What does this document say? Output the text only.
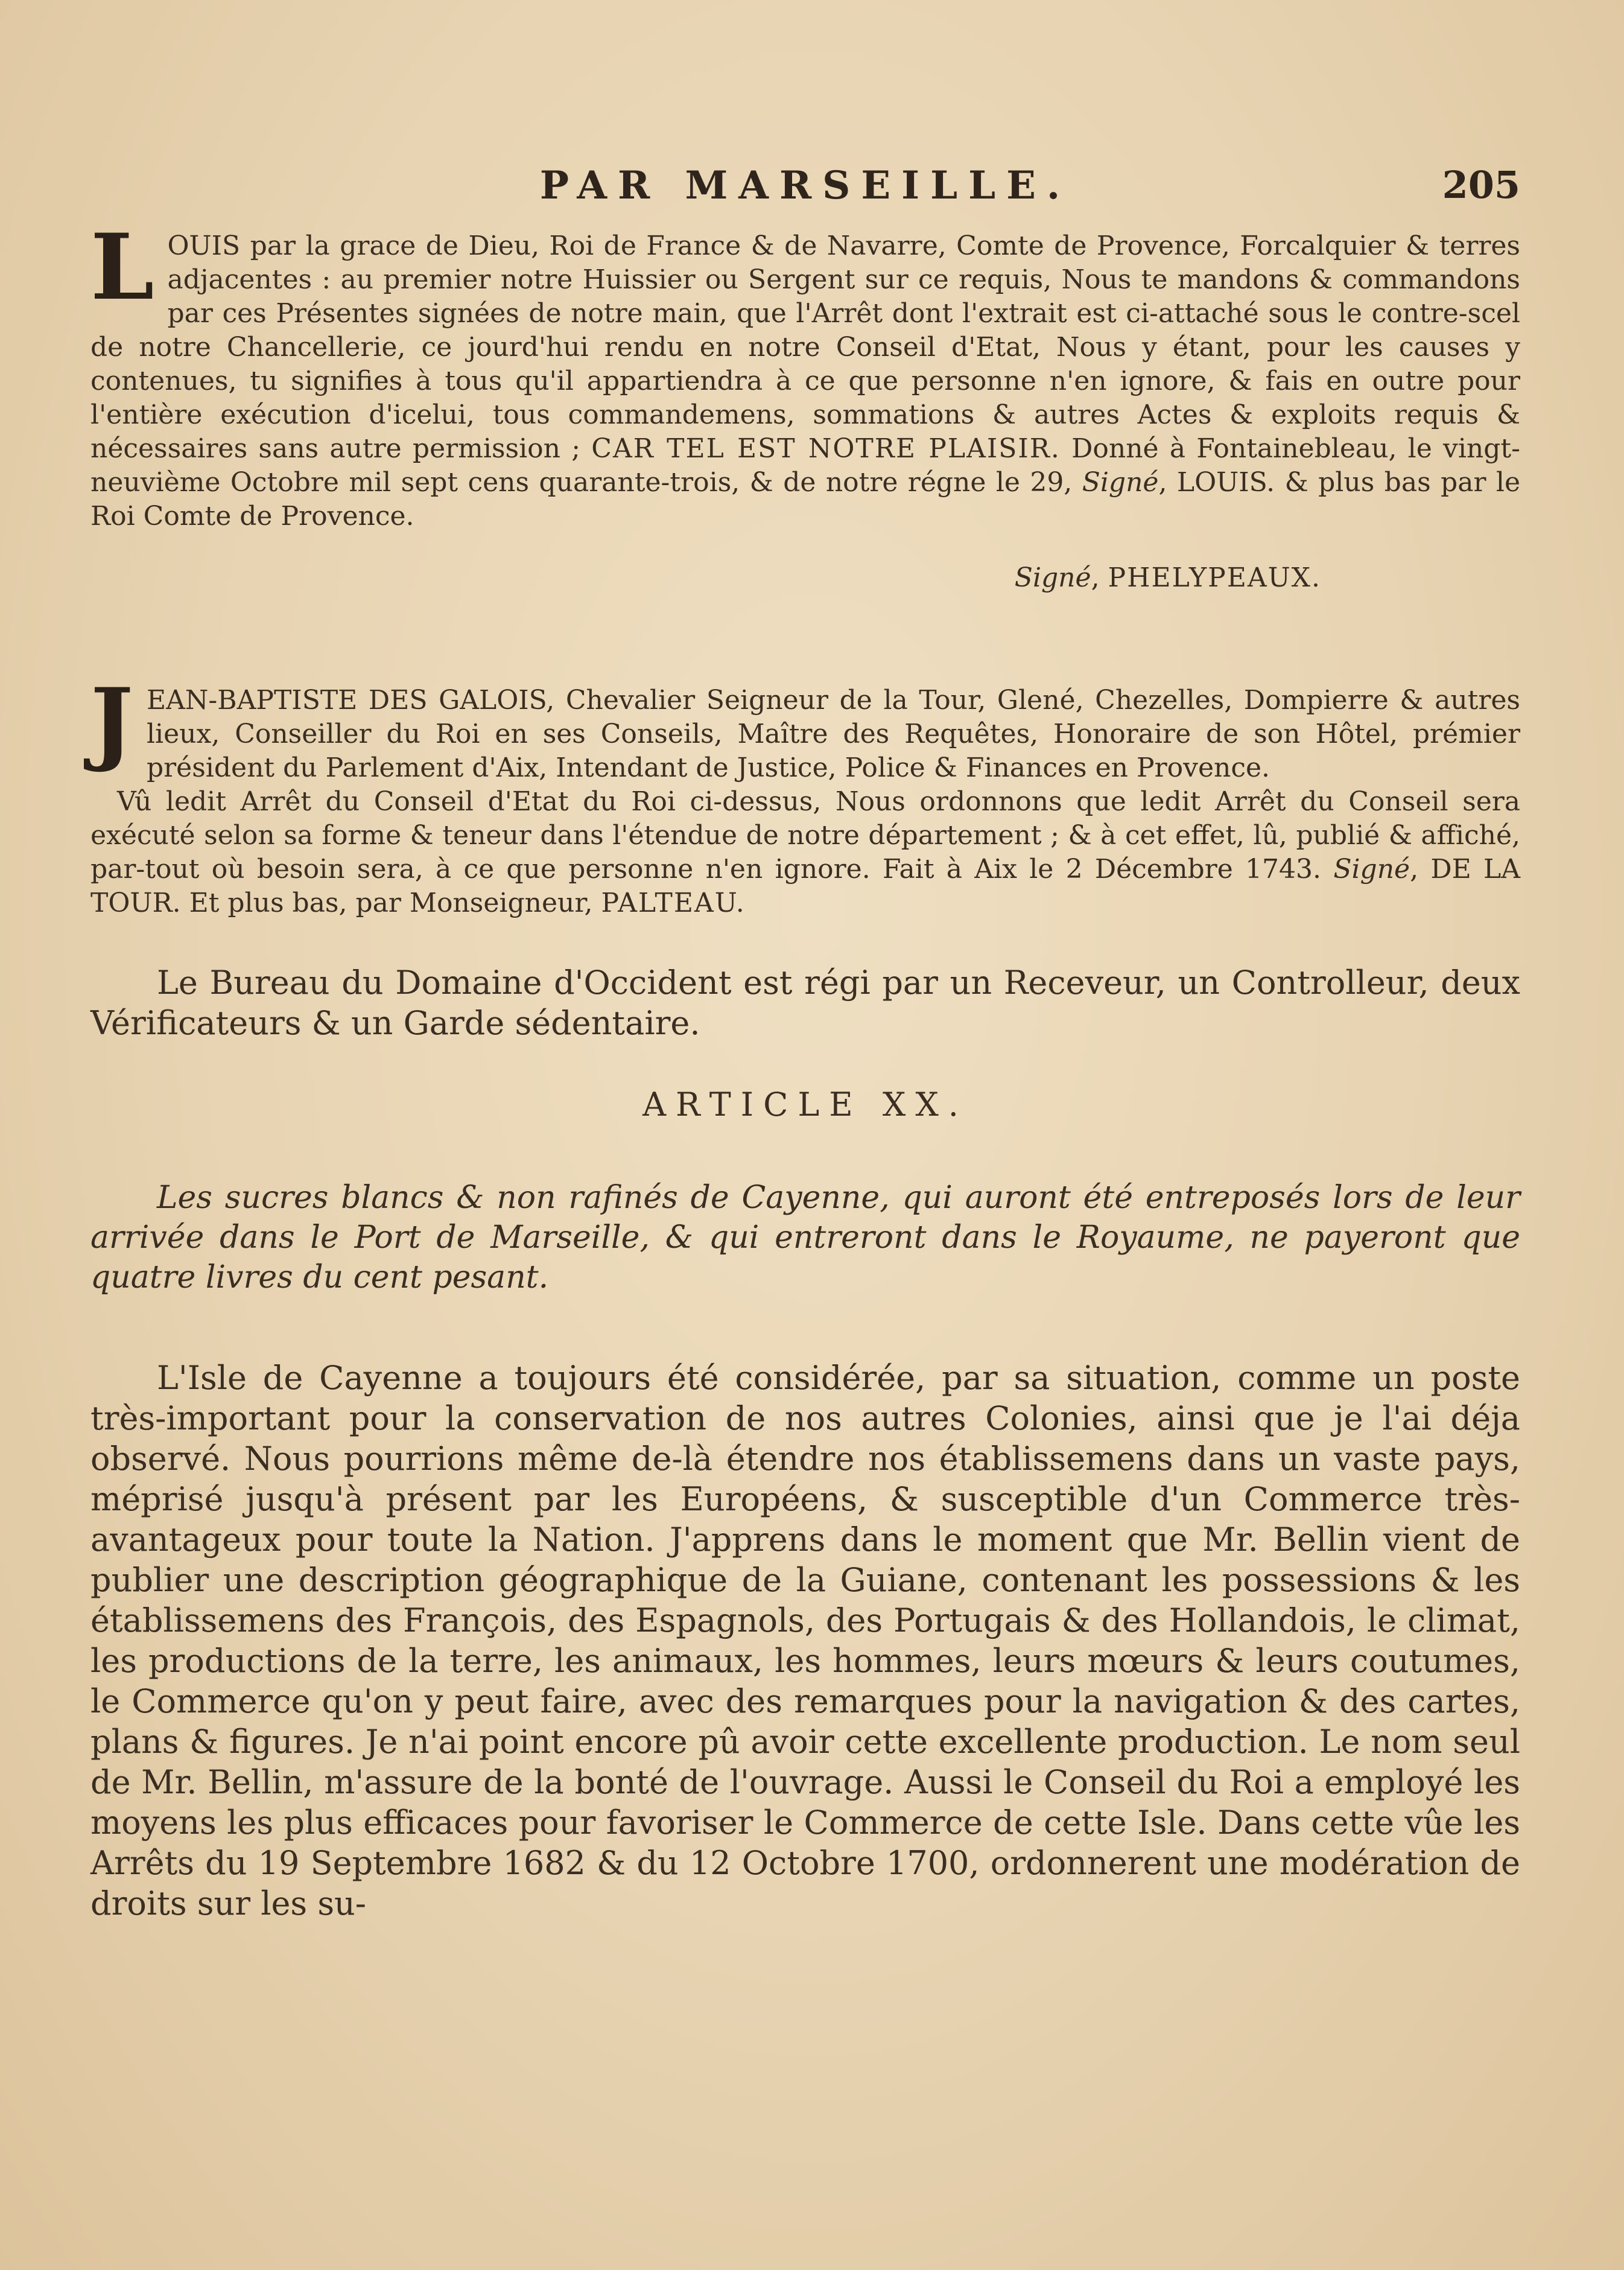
PAR MARSEILLE.	205

LOUIS par la grace de Dieu, Roi de France & de Navarre, Comte de Provence, Forcalquier & terres adjacentes : au premier notre Huissier ou Sergent sur ce requis, Nous te mandons & commandons par ces Présentes signées de notre main, que l'Arrêt dont l'extrait est ci-attaché sous le contre-scel de notre Chancellerie, ce jourd'hui rendu en notre Conseil d'Etat, Nous y étant, pour les causes y contenues, tu signifies à tous qu'il appartiendra à ce que personne n'en ignore, & fais en outre pour l'entière exécution d'icelui, tous commandemens, sommations & autres Actes & exploits requis & nécessaires sans autre permission ; CAR TEL EST NOTRE PLAISIR. Donné à Fontainebleau, le vingt-neuvième Octobre mil sept cens quarante-trois, & de notre régne le 29, Signé, LOUIS. & plus bas par le Roi Comte de Provence.

Signé, PHELYPEAUX.

JEAN-BAPTISTE DES GALOIS, Chevalier Seigneur de la Tour, Glené, Chezelles, Dompierre & autres lieux, Conseiller du Roi en ses Conseils, Maître des Requêtes, Honoraire de son Hôtel, prémier président du Parlement d'Aix, Intendant de Justice, Police & Finances en Provence.

Vû ledit Arrêt du Conseil d'Etat du Roi ci-dessus, Nous ordonnons que ledit Arrêt du Conseil sera exécuté selon sa forme & teneur dans l'étendue de notre département ; & à cet effet, lû, publié & affiché, par-tout où besoin sera, à ce que personne n'en ignore. Fait à Aix le 2 Décembre 1743. Signé, DE LA TOUR. Et plus bas, par Monseigneur, PALTEAU.

Le Bureau du Domaine d'Occident est régi par un Receveur, un Controlleur, deux Vérificateurs & un Garde sédentaire.

ARTICLE XX.

Les sucres blancs & non rafinés de Cayenne, qui auront été entreposés lors de leur arrivée dans le Port de Marseille, & qui entreront dans le Royaume, ne payeront que quatre livres du cent pesant.

L'Isle de Cayenne a toujours été considérée, par sa situation, comme un poste très-important pour la conservation de nos autres Colonies, ainsi que je l'ai déja observé. Nous pourrions même de-là étendre nos établissemens dans un vaste pays, méprisé jusqu'à présent par les Européens, & susceptible d'un Commerce très-avantageux pour toute la Nation. J'apprens dans le moment que Mr. Bellin vient de publier une description géographique de la Guiane, contenant les possessions & les établissemens des François, des Espagnols, des Portugais & des Hollandois, le climat, les productions de la terre, les animaux, les hommes, leurs mœurs & leurs coutumes, le Commerce qu'on y peut faire, avec des remarques pour la navigation & des cartes, plans & figures. Je n'ai point encore pû avoir cette excellente production. Le nom seul de Mr. Bellin, m'assure de la bonté de l'ouvrage. Aussi le Conseil du Roi a employé les moyens les plus efficaces pour favoriser le Commerce de cette Isle. Dans cette vûe les Arrêts du 19 Septembre 1682 & du 12 Octobre 1700, ordonnerent une modération de droits sur les su-
